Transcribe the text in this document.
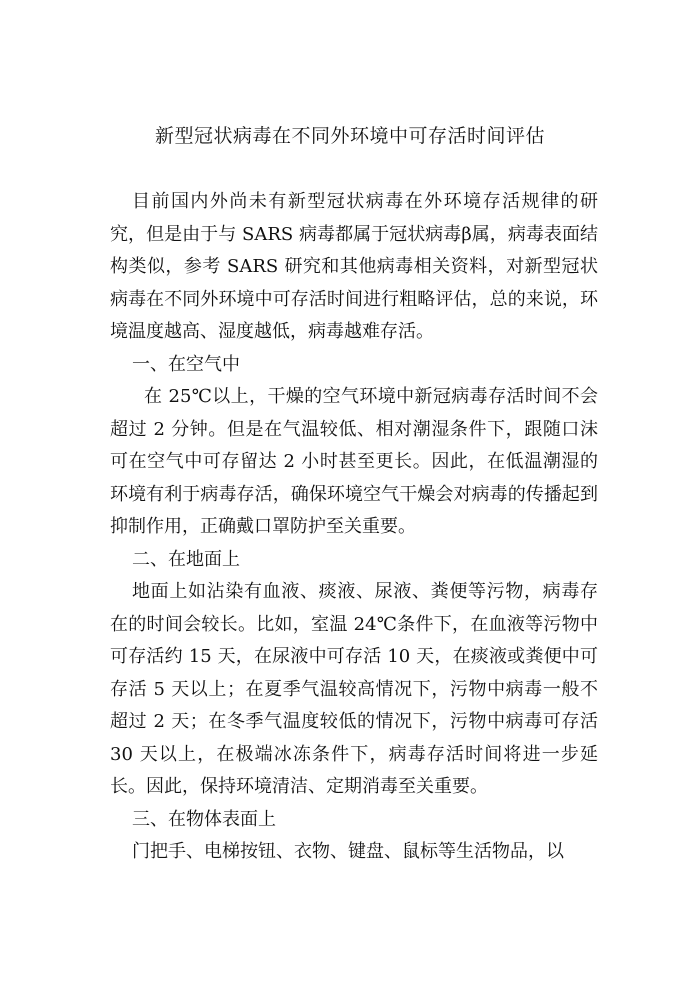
新型冠状病毒在不同外环境中可存活时间评估

目前国内外尚未有新型冠状病毒在外环境存活规律的研究，但是由于与 SARS 病毒都属于冠状病毒β属，病毒表面结构类似，参考 SARS 研究和其他病毒相关资料，对新型冠状病毒在不同外环境中可存活时间进行粗略评估，总的来说，环境温度越高、湿度越低，病毒越难存活。

一、在空气中

在 25℃以上，干燥的空气环境中新冠病毒存活时间不会超过 2 分钟。但是在气温较低、相对潮湿条件下，跟随口沫可在空气中可存留达 2 小时甚至更长。因此，在低温潮湿的环境有利于病毒存活，确保环境空气干燥会对病毒的传播起到抑制作用，正确戴口罩防护至关重要。

二、在地面上

地面上如沾染有血液、痰液、尿液、粪便等污物，病毒存在的时间会较长。比如，室温 24℃条件下，在血液等污物中可存活约 15 天，在尿液中可存活 10 天，在痰液或粪便中可存活 5 天以上；在夏季气温较高情况下，污物中病毒一般不超过 2 天；在冬季气温度较低的情况下，污物中病毒可存活 30 天以上，在极端冰冻条件下，病毒存活时间将进一步延长。因此，保持环境清洁、定期消毒至关重要。

三、在物体表面上

门把手、电梯按钮、衣物、键盘、鼠标等生活物品，以
